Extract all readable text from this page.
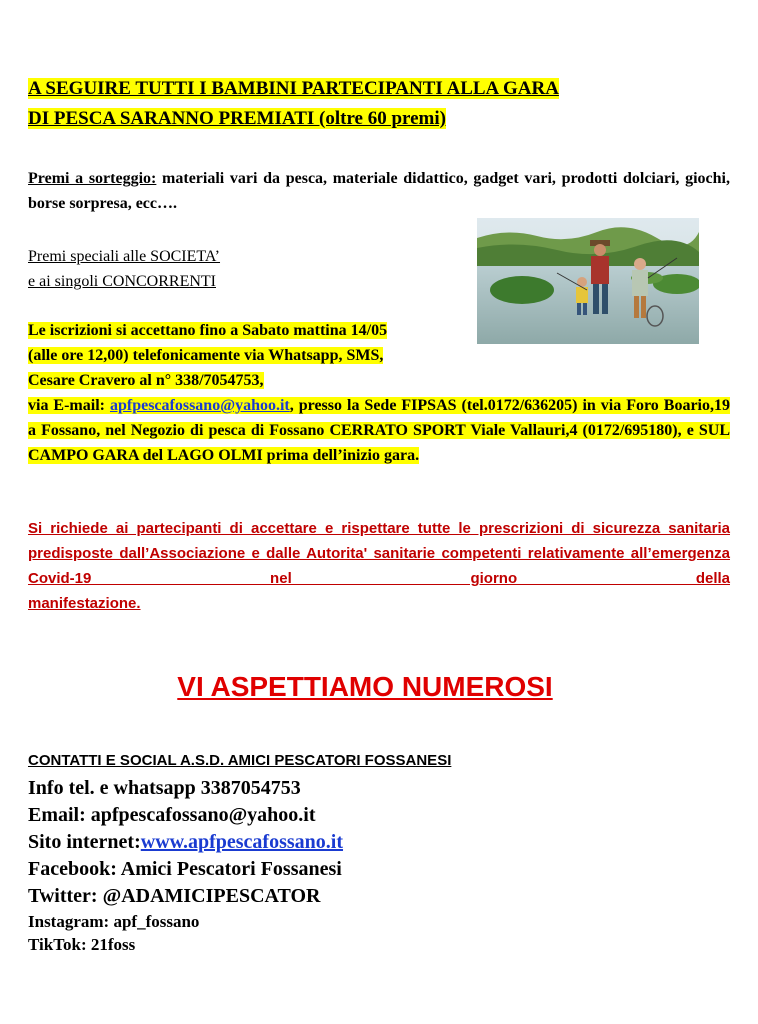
A SEGUIRE TUTTI I BAMBINI PARTECIPANTI ALLA GARA
DI PESCA SARANNO PREMIATI (oltre 60 premi)
Premi a sorteggio: materiali vari da pesca, materiale didattico, gadget vari, prodotti dolciari, giochi, borse sorpresa, ecc….
Premi speciali alle SOCIETA’
e ai singoli CONCORRENTI
Le iscrizioni si accettano fino a Sabato mattina 14/05
(alle ore 12,00) telefonicamente via Whatsapp, SMS,
Cesare Cravero al n° 338/7054753,
via E-mail: apfpescafossano@yahoo.it, presso la Sede FIPSAS (tel.0172/636205) in via Foro Boario,19 a Fossano, nel Negozio di pesca di Fossano CERRATO SPORT Viale Vallauri,4 (0172/695180), e SUL CAMPO GARA del LAGO OLMI prima dell’inizio gara.
Si richiede ai partecipanti di accettare e rispettare tutte le prescrizioni di sicurezza sanitaria predisposte dall’Associazione e dalle Autorita' sanitarie competenti relativamente all’emergenza Covid-19 nel giorno della
manifestazione.
VI ASPETTIAMO NUMEROSI
CONTATTI E SOCIAL A.S.D. AMICI PESCATORI FOSSANESI
Info tel. e whatsapp 3387054753
Email: apfpescafossano@yahoo.it
Sito internet:www.apfpescafossano.it
Facebook: Amici Pescatori Fossanesi
Twitter: @ADAMICIPESCATOR
Instagram: apf_fossano
TikTok: 21foss
